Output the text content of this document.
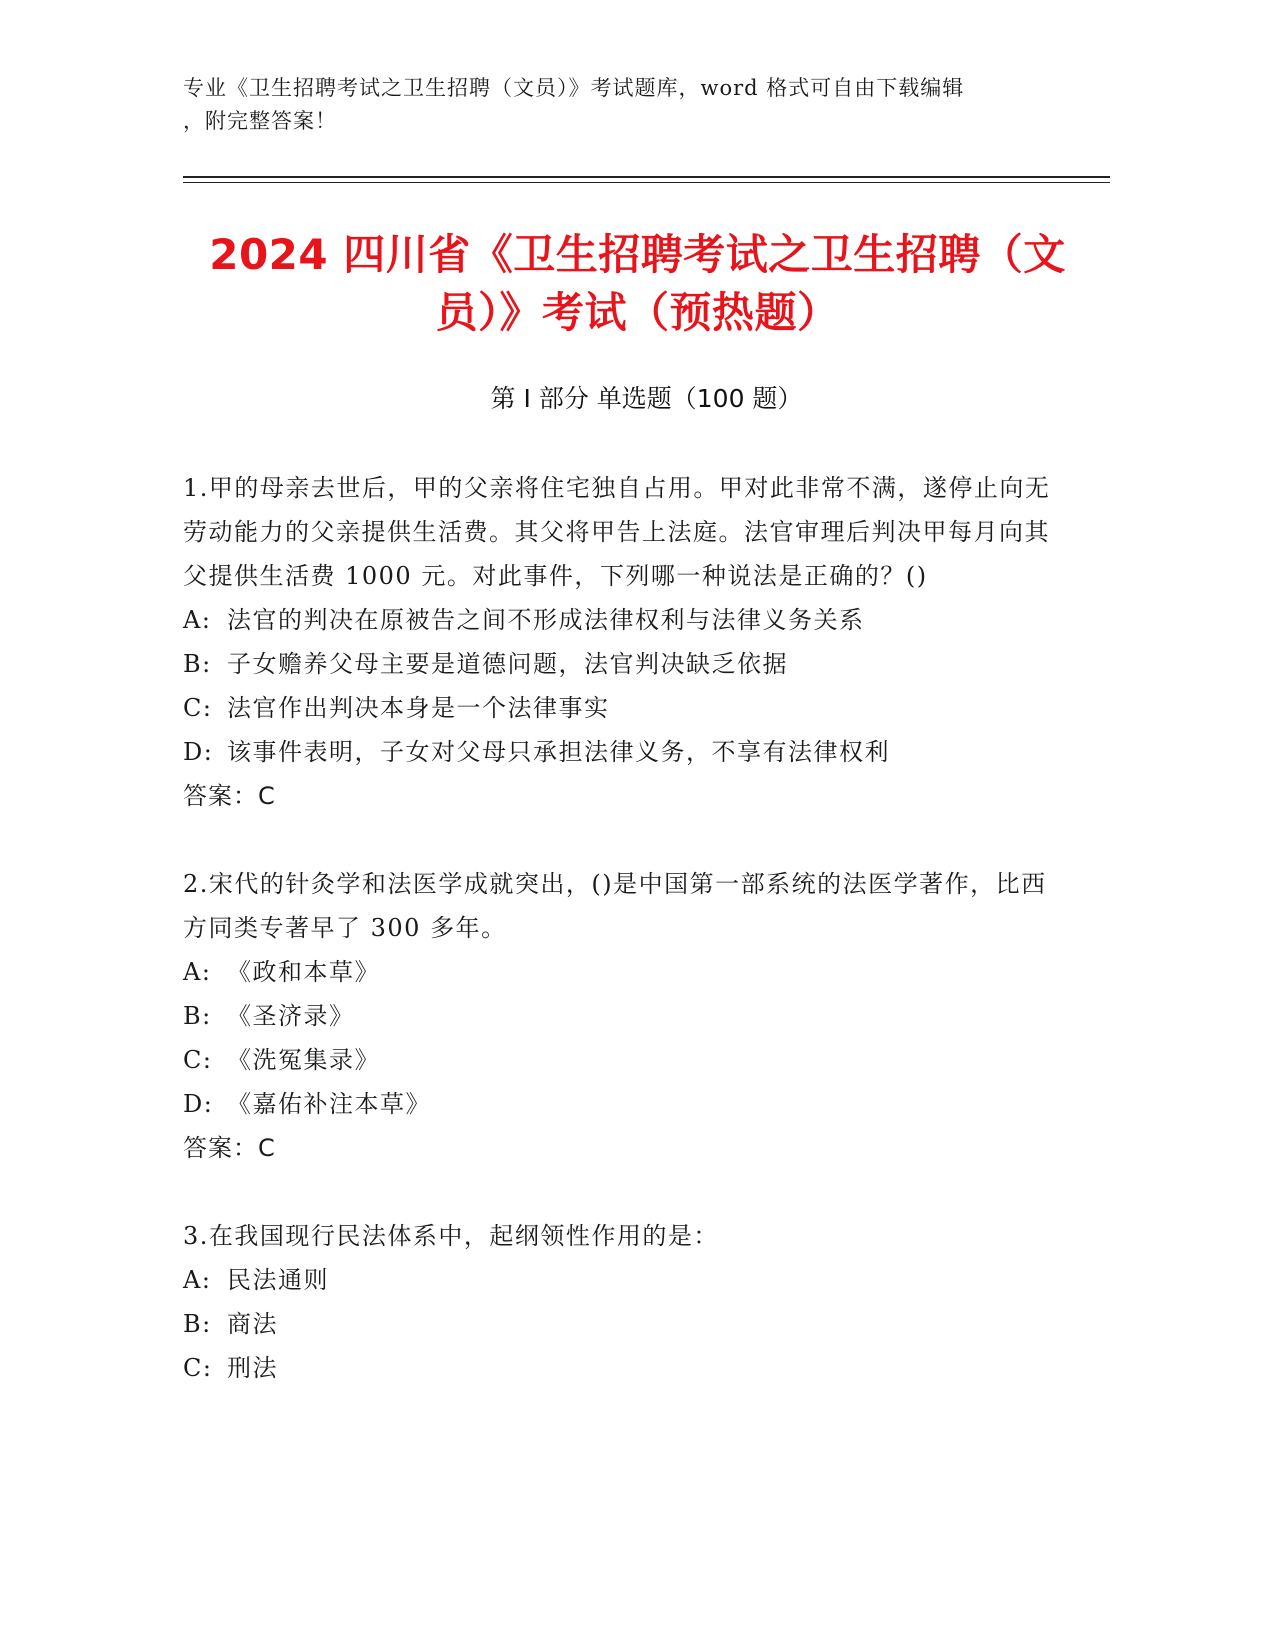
专业《卫生招聘考试之卫生招聘（文员）》考试题库，word 格式可自由下载编辑
，附完整答案！
2024 四川省《卫生招聘考试之卫生招聘（文
员）》考试（预热题）
第 I 部分 单选题（100 题）
1.甲的母亲去世后，甲的父亲将住宅独自占用。甲对此非常不满，遂停止向无劳动能力的父亲提供生活费。其父将甲告上法庭。法官审理后判决甲每月向其父提供生活费 1000 元。对此事件，下列哪一种说法是正确的？()
A: 法官的判决在原被告之间不形成法律权利与法律义务关系
B: 子女赡养父母主要是道德问题，法官判决缺乏依据
C: 法官作出判决本身是一个法律事实
D: 该事件表明，子女对父母只承担法律义务，不享有法律权利
答案：C
2.宋代的针灸学和法医学成就突出，()是中国第一部系统的法医学著作，比西方同类专著早了 300 多年。
A: 《政和本草》
B: 《圣济录》
C: 《洗冤集录》
D: 《嘉佑补注本草》
答案：C
3.在我国现行民法体系中，起纲领性作用的是：
A: 民法通则
B: 商法
C: 刑法
